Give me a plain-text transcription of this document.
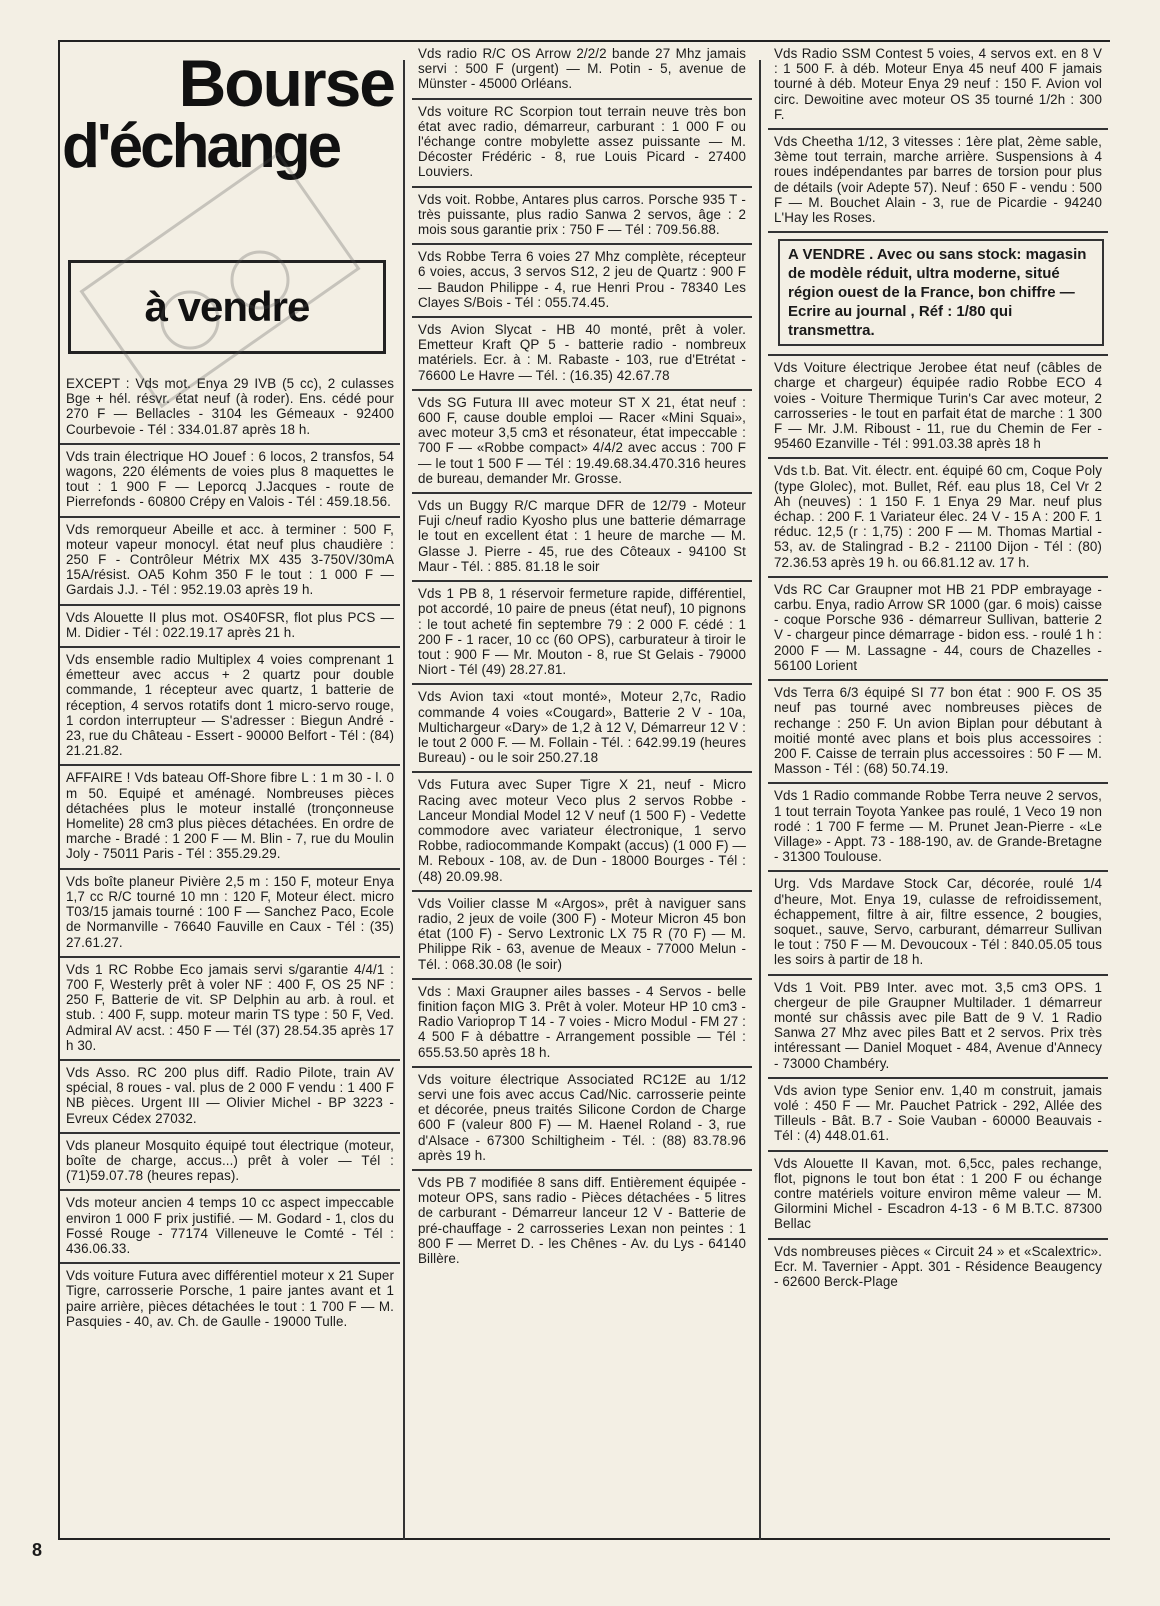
Bourse
d'échange
à vendre
EXCEPT : Vds mot. Enya 29 IVB (5 cc), 2 culasses Bge + hél. résvr. état neuf (à roder). Ens. cédé pour 270 F — Bellacles - 3104 les Gémeaux - 92400 Courbevoie - Tél : 334.01.87 après 18 h.
Vds train électrique HO Jouef : 6 locos, 2 transfos, 54 wagons, 220 éléments de voies plus 8 maquettes le tout : 1 900 F — Leporcq J.Jacques - route de Pierrefonds - 60800 Crépy en Valois - Tél : 459.18.56.
Vds remorqueur Abeille et acc. à terminer : 500 F, moteur vapeur monocyl. état neuf plus chaudière : 250 F - Contrôleur Métrix MX 435 3-750V/30mA 15A/résist. OA5 Kohm 350 F le tout : 1 000 F — Gardais J.J. - Tél : 952.19.03 après 19 h.
Vds Alouette II plus mot. OS40FSR, flot plus PCS — M. Didier - Tél : 022.19.17 après 21 h.
Vds ensemble radio Multiplex 4 voies comprenant 1 émetteur avec accus + 2 quartz pour double commande, 1 récepteur avec quartz, 1 batterie de réception, 4 servos rotatifs dont 1 micro-servo rouge, 1 cordon interrupteur — S'adresser : Biegun André - 23, rue du Château - Essert - 90000 Belfort - Tél : (84) 21.21.82.
AFFAIRE ! Vds bateau Off-Shore fibre L : 1 m 30 - l. 0 m 50. Equipé et aménagé. Nombreuses pièces détachées plus le moteur installé (tronçonneuse Homelite) 28 cm3 plus pièces détachées. En ordre de marche - Bradé : 1 200 F — M. Blin - 7, rue du Moulin Joly - 75011 Paris - Tél : 355.29.29.
Vds boîte planeur Pivière 2,5 m : 150 F, moteur Enya 1,7 cc R/C tourné 10 mn : 120 F, Moteur élect. micro T03/15 jamais tourné : 100 F — Sanchez Paco, Ecole de Normanville - 76640 Fauville en Caux - Tél : (35) 27.61.27.
Vds 1 RC Robbe Eco jamais servi s/garantie 4/4/1 : 700 F, Westerly prêt à voler NF : 400 F, OS 25 NF : 250 F, Batterie de vit. SP Delphin au arb. à roul. et stub. : 400 F, supp. moteur marin TS type : 50 F, Ved. Admiral AV acst. : 450 F — Tél (37) 28.54.35 après 17 h 30.
Vds Asso. RC 200 plus diff. Radio Pilote, train AV spécial, 8 roues - val. plus de 2 000 F vendu : 1 400 F NB pièces. Urgent III — Olivier Michel - BP 3223 - Evreux Cédex 27032.
Vds planeur Mosquito équipé tout électrique (moteur, boîte de charge, accus...) prêt à voler — Tél : (71)59.07.78 (heures repas).
Vds moteur ancien 4 temps 10 cc aspect impeccable environ 1 000 F prix justifié. — M. Godard - 1, clos du Fossé Rouge - 77174 Villeneuve le Comté - Tél : 436.06.33.
Vds voiture Futura avec différentiel moteur x 21 Super Tigre, carrosserie Porsche, 1 paire jantes avant et 1 paire arrière, pièces détachées le tout : 1 700 F — M. Pasquies - 40, av. Ch. de Gaulle - 19000 Tulle.
Vds radio R/C OS Arrow 2/2/2 bande 27 Mhz jamais servi : 500 F (urgent) — M. Potin - 5, avenue de Münster - 45000 Orléans.
Vds voiture RC Scorpion tout terrain neuve très bon état avec radio, démarreur, carburant : 1 000 F ou l'échange contre mobylette assez puissante — M. Décoster Frédéric - 8, rue Louis Picard - 27400 Louviers.
Vds voit. Robbe, Antares plus carros. Porsche 935 T - très puissante, plus radio Sanwa 2 servos, âge : 2 mois sous garantie prix : 750 F — Tél : 709.56.88.
Vds Robbe Terra 6 voies 27 Mhz complète, récepteur 6 voies, accus, 3 servos S12, 2 jeu de Quartz : 900 F — Baudon Philippe - 4, rue Henri Prou - 78340 Les Clayes S/Bois - Tél : 055.74.45.
Vds Avion Slycat - HB 40 monté, prêt à voler. Emetteur Kraft QP 5 - batterie radio - nombreux matériels. Ecr. à : M. Rabaste - 103, rue d'Etrétat - 76600 Le Havre — Tél. : (16.35) 42.67.78
Vds SG Futura III avec moteur ST X 21, état neuf : 600 F, cause double emploi — Racer «Mini Squai», avec moteur 3,5 cm3 et résonateur, état impeccable : 700 F — «Robbe compact» 4/4/2 avec accus : 700 F — le tout 1 500 F — Tél : 19.49.68.34.470.316 heures de bureau, demander Mr. Grosse.
Vds un Buggy R/C marque DFR de 12/79 - Moteur Fuji c/neuf radio Kyosho plus une batterie démarrage le tout en excellent état : 1 heure de marche — M. Glasse J. Pierre - 45, rue des Côteaux - 94100 St Maur - Tél. : 885. 81.18 le soir
Vds 1 PB 8, 1 réservoir fermeture rapide, différentiel, pot accordé, 10 paire de pneus (état neuf), 10 pignons : le tout acheté fin septembre 79 : 2 000 F. cédé : 1 200 F - 1 racer, 10 cc (60 OPS), carburateur à tiroir le tout : 900 F — Mr. Mouton - 8, rue St Gelais - 79000 Niort - Tél (49) 28.27.81.
Vds Avion taxi «tout monté», Moteur 2,7c, Radio commande 4 voies «Cougard», Batterie 2 V - 10a, Multichargeur «Dary» de 1,2 à 12 V, Démarreur 12 V : le tout 2 000 F. — M. Follain - Tél. : 642.99.19 (heures Bureau) - ou le soir 250.27.18
Vds Futura avec Super Tigre X 21, neuf - Micro Racing avec moteur Veco plus 2 servos Robbe - Lanceur Mondial Model 12 V neuf (1 500 F) - Vedette commodore avec variateur électronique, 1 servo Robbe, radiocommande Kompakt (accus) (1 000 F) — M. Reboux - 108, av. de Dun - 18000 Bourges - Tél : (48) 20.09.98.
Vds Voilier classe M «Argos», prêt à naviguer sans radio, 2 jeux de voile (300 F) - Moteur Micron 45 bon état (100 F) - Servo Lextronic LX 75 R (70 F) — M. Philippe Rik - 63, avenue de Meaux - 77000 Melun - Tél. : 068.30.08 (le soir)
Vds : Maxi Graupner ailes basses - 4 Servos - belle finition façon MIG 3. Prêt à voler. Moteur HP 10 cm3 - Radio Varioprop T 14 - 7 voies - Micro Modul - FM 27 : 4 500 F à débattre - Arrangement possible — Tél : 655.53.50 après 18 h.
Vds voiture électrique Associated RC12E au 1/12 servi une fois avec accus Cad/Nic. carrosserie peinte et décorée, pneus traités Silicone Cordon de Charge 600 F (valeur 800 F) — M. Haenel Roland - 3, rue d'Alsace - 67300 Schiltigheim - Tél. : (88) 83.78.96 après 19 h.
Vds PB 7 modifiée 8 sans diff. Entièrement équipée - moteur OPS, sans radio - Pièces détachées - 5 litres de carburant - Démarreur lanceur 12 V - Batterie de pré-chauffage - 2 carrosseries Lexan non peintes : 1 800 F — Merret D. - les Chênes - Av. du Lys - 64140 Billère.
Vds Radio SSM Contest 5 voies, 4 servos ext. en 8 V : 1 500 F. à déb. Moteur Enya 45 neuf 400 F jamais tourné à déb. Moteur Enya 29 neuf : 150 F. Avion vol circ. Dewoitine avec moteur OS 35 tourné 1/2h : 300 F.
Vds Cheetha 1/12, 3 vitesses : 1ère plat, 2ème sable, 3ème tout terrain, marche arrière. Suspensions à 4 roues indépendantes par barres de torsion pour plus de détails (voir Adepte 57). Neuf : 650 F - vendu : 500 F — M. Bouchet Alain - 3, rue de Picardie - 94240 L'Hay les Roses.
A VENDRE . Avec ou sans stock: magasin de modèle réduit, ultra moderne, situé région ouest de la France, bon chiffre — Ecrire au journal , Réf : 1/80 qui transmettra.
Vds Voiture électrique Jerobee état neuf (câbles de charge et chargeur) équipée radio Robbe ECO 4 voies - Voiture Thermique Turin's Car avec moteur, 2 carrosseries - le tout en parfait état de marche : 1 300 F — Mr. J.M. Riboust - 11, rue du Chemin de Fer - 95460 Ezanville - Tél : 991.03.38 après 18 h
Vds t.b. Bat. Vit. électr. ent. équipé 60 cm, Coque Poly (type Glolec), mot. Bullet, Réf. eau plus 18, Cel Vr 2 Ah (neuves) : 1 150 F. 1 Enya 29 Mar. neuf plus échap. : 200 F. 1 Variateur élec. 24 V - 15 A : 200 F. 1 réduc. 12,5 (r : 1,75) : 200 F — M. Thomas Martial - 53, av. de Stalingrad - B.2 - 21100 Dijon - Tél : (80) 72.36.53 après 19 h. ou 66.81.12 av. 17 h.
Vds RC Car Graupner mot HB 21 PDP embrayage - carbu. Enya, radio Arrow SR 1000 (gar. 6 mois) caisse - coque Porsche 936 - démarreur Sullivan, batterie 2 V - chargeur pince démarrage - bidon ess. - roulé 1 h : 2000 F — M. Lassagne - 44, cours de Chazelles - 56100 Lorient
Vds Terra 6/3 équipé SI 77 bon état : 900 F. OS 35 neuf pas tourné avec nombreuses pièces de rechange : 250 F. Un avion Biplan pour débutant à moitié monté avec plans et bois plus accessoires : 200 F. Caisse de terrain plus accessoires : 50 F — M. Masson - Tél : (68) 50.74.19.
Vds 1 Radio commande Robbe Terra neuve 2 servos, 1 tout terrain Toyota Yankee pas roulé, 1 Veco 19 non rodé : 1 700 F ferme — M. Prunet Jean-Pierre - «Le Village» - Appt. 73 - 188-190, av. de Grande-Bretagne - 31300 Toulouse.
Urg. Vds Mardave Stock Car, décorée, roulé 1/4 d'heure, Mot. Enya 19, culasse de refroidissement, échappement, filtre à air, filtre essence, 2 bougies, soquet., sauve, Servo, carburant, démarreur Sullivan le tout : 750 F — M. Devoucoux - Tél : 840.05.05 tous les soirs à partir de 18 h.
Vds 1 Voit. PB9 Inter. avec mot. 3,5 cm3 OPS. 1 chergeur de pile Graupner Multilader. 1 démarreur monté sur châssis avec pile Batt de 9 V. 1 Radio Sanwa 27 Mhz avec piles Batt et 2 servos. Prix très intéressant — Daniel Moquet - 484, Avenue d'Annecy - 73000 Chambéry.
Vds avion type Senior env. 1,40 m construit, jamais volé : 450 F — Mr. Pauchet Patrick - 292, Allée des Tilleuls - Bât. B.7 - Soie Vauban - 60000 Beauvais - Tél : (4) 448.01.61.
Vds Alouette II Kavan, mot. 6,5cc, pales rechange, flot, pignons le tout bon état : 1 200 F ou échange contre matériels voiture environ même valeur — M. Gilormini Michel - Escadron 4-13 - 6 M B.T.C. 87300 Bellac
Vds nombreuses pièces « Circuit 24 » et «Scalextric». Ecr. M. Tavernier - Appt. 301 - Résidence Beaugency - 62600 Berck-Plage
8
